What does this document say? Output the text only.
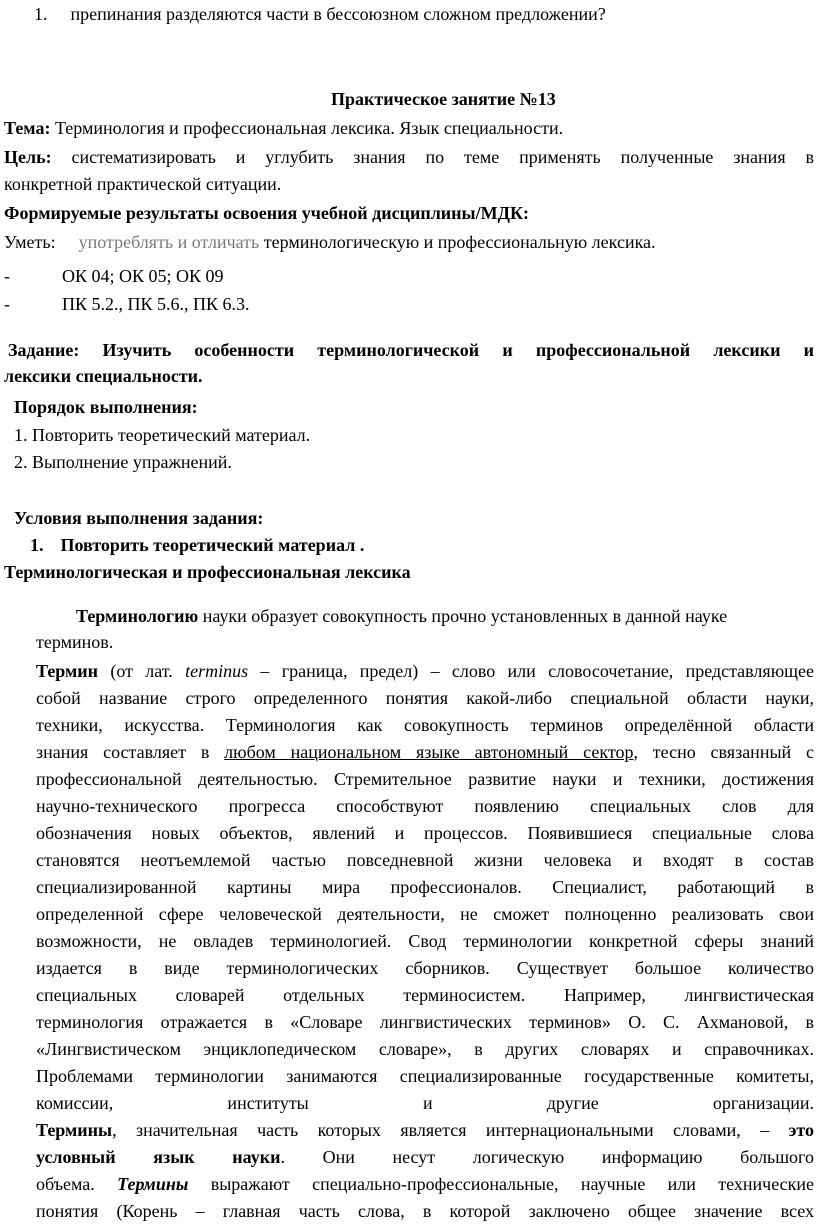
1. препинания разделяются части в бессоюзном сложном предложении?
Практическое занятие №13
Тема: Терминология и профессиональная лексика. Язык специальности.
Цель: систематизировать и углубить знания по теме применять полученные знания в
конкретной практической ситуации.
Формируемые результаты освоения учебной дисциплины/МДК:
Уметь: употреблять и отличать терминологическую и профессиональную лексика.
-	ОК 04; ОК 05; ОК 09
-	ПК 5.2., ПК 5.6., ПК 6.3.
Задание: Изучить особенности терминологической и профессиональной лексики и
лексики специальности.
Порядок выполнения:
1. Повторить теоретический материал.
2. Выполнение упражнений.
Условия выполнения задания:
1. Повторить теоретический материал .
Терминологическая и профессиональная лексика
Терминологию науки образует совокупность прочно установленных в данной науке
терминов.
Термин (от лат. terminus – граница, предел) – слово или словосочетание, представляющее
собой название строго определенного понятия какой-либо специальной области науки,
техники, искусства. Терминология как совокупность терминов определённой области
знания составляет в любом национальном языке автономный сектор, тесно связанный с
профессиональной деятельностью. Стремительное развитие науки и техники, достижения
научно-технического прогресса способствуют появлению специальных слов для
обозначения новых объектов, явлений и процессов. Появившиеся специальные слова
становятся неотъемлемой частью повседневной жизни человека и входят в состав
специализированной картины мира профессионалов. Специалист, работающий в
определенной сфере человеческой деятельности, не сможет полноценно реализовать свои
возможности, не овладев терминологией. Свод терминологии конкретной сферы знаний
издается в виде терминологических сборников. Существует большое количество
специальных словарей отдельных терминосистем. Например, лингвистическая
терминология отражается в «Словаре лингвистических терминов» О. С. Ахмановой, в
«Лингвистическом энциклопедическом словаре», в других словарях и справочниках.
Проблемами терминологии занимаются специализированные государственные комитеты,
комиссии, институты и другие организации.
Термины, значительная часть которых является интернациональными словами, – это
условный язык науки. Они несут логическую информацию большого
объема. Термины выражают специально-профессиональные, научные или технические
понятия (Корень – главная часть слова, в которой заключено общее значение всех
